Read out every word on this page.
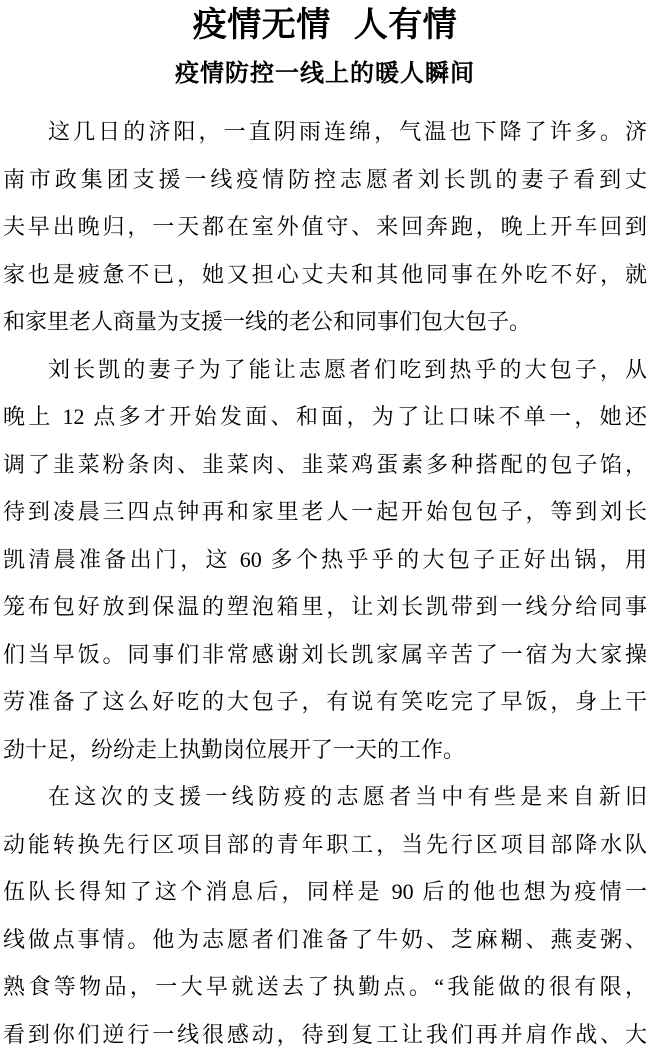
疫情无情 人有情
疫情防控一线上的暖人瞬间

这几日的济阳，一直阴雨连绵，气温也下降了许多。济
南市政集团支援一线疫情防控志愿者刘长凯的妻子看到丈
夫早出晚归，一天都在室外值守、来回奔跑，晚上开车回到
家也是疲惫不已，她又担心丈夫和其他同事在外吃不好，就
和家里老人商量为支援一线的老公和同事们包大包子。

刘长凯的妻子为了能让志愿者们吃到热乎的大包子，从
晚上 12 点多才开始发面、和面，为了让口味不单一，她还
调了韭菜粉条肉、韭菜肉、韭菜鸡蛋素多种搭配的包子馅，
待到凌晨三四点钟再和家里老人一起开始包包子，等到刘长
凯清晨准备出门，这 60 多个热乎乎的大包子正好出锅，用
笼布包好放到保温的塑泡箱里，让刘长凯带到一线分给同事
们当早饭。同事们非常感谢刘长凯家属辛苦了一宿为大家操
劳准备了这么好吃的大包子，有说有笑吃完了早饭，身上干
劲十足，纷纷走上执勤岗位展开了一天的工作。

在这次的支援一线防疫的志愿者当中有些是来自新旧
动能转换先行区项目部的青年职工，当先行区项目部降水队
伍队长得知了这个消息后，同样是 90 后的他也想为疫情一
线做点事情。他为志愿者们准备了牛奶、芝麻糊、燕麦粥、
熟食等物品，一大早就送去了执勤点。“我能做的很有限，
看到你们逆行一线很感动，待到复工让我们再并肩作战、大
